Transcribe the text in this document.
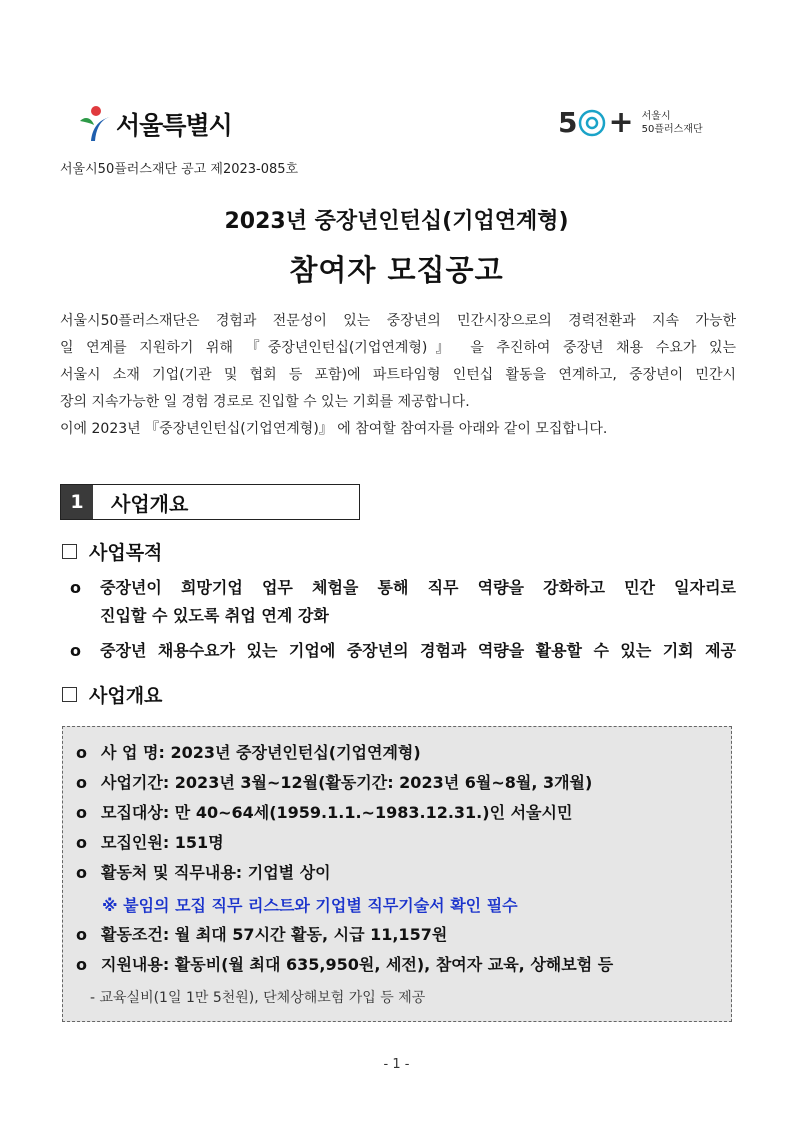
서울특별시	5 + 서울시
50플러스재단
서울시50플러스재단 공고 제2023-085호
2023년 중장년인턴십(기업연계형)
참여자 모집공고

서울시50플러스재단은 경험과 전문성이 있는 중장년의 민간시장으로의 경력전환과 지속 가능한

일 연계를 지원하기 위해 『중장년인턴십(기업연계형)』 을 추진하여 중장년 채용 수요가 있는

서울시 소재 기업(기관 및 협회 등 포함)에 파트타임형 인턴십 활동을 연계하고, 중장년이 민간시

장의 지속가능한 일 경험 경로로 진입할 수 있는 기회를 제공합니다.

이에 2023년 『중장년인턴십(기업연계형)』 에 참여할 참여자를 아래와 같이 모집합니다.

1	사업개요
사업목적
o	중장년이 희망기업 업무 체험을 통해 직무 역량을 강화하고 민간 일자리로
진입할 수 있도록 취업 연계 강화
o	중장년 채용수요가 있는 기업에 중장년의 경험과 역량을 활용할 수 있는 기회 제공
사업개요
o 사 업 명: 2023년 중장년인턴십(기업연계형)
o 사업기간: 2023년 3월~12월(활동기간: 2023년 6월~8월, 3개월)
o 모집대상: 만 40~64세(1959.1.1.~1983.12.31.)인 서울시민
o 모집인원: 151명
o 활동처 및 직무내용: 기업별 상이
※ 붙임의 모집 직무 리스트와 기업별 직무기술서 확인 필수
o 활동조건: 월 최대 57시간 활동, 시급 11,157원
o 지원내용: 활동비(월 최대 635,950원, 세전), 참여자 교육, 상해보험 등
- 교육실비(1일 1만 5천원), 단체상해보험 가입 등 제공
- 1 -
